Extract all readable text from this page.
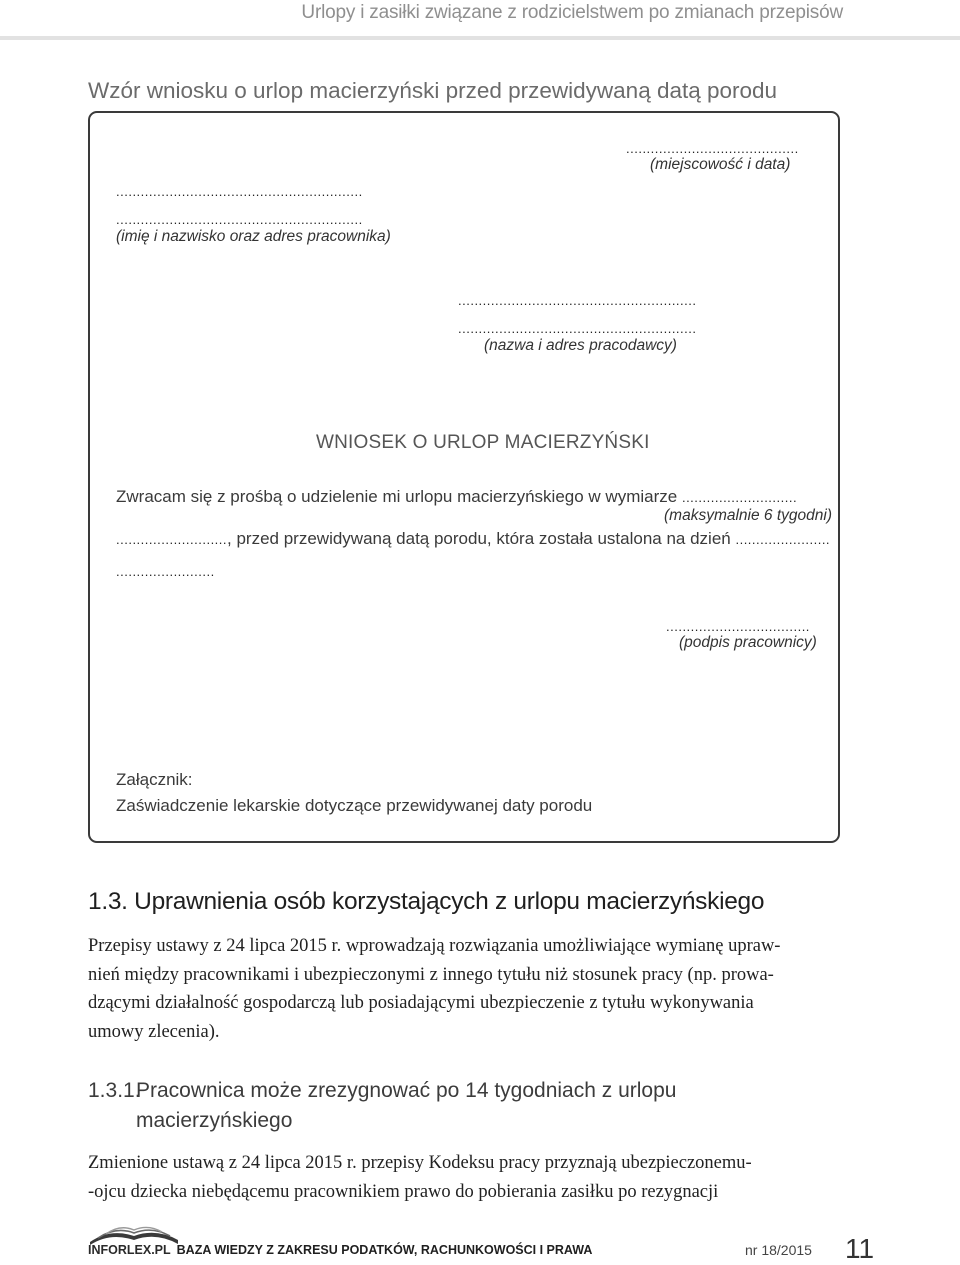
Urlopy i zasiłki związane z rodzicielstwem po zmianach przepisów
Wzór wniosku o urlop macierzyński przed przewidywaną datą porodu
..........................................
(miejscowość i data)
............................................................
............................................................
(imię i nazwisko oraz adres pracownika)
..........................................................
..........................................................
(nazwa i adres pracodawcy)
WNIOSEK O URLOP MACIERZYŃSKI
Zwracam się z prośbą o udzielenie mi urlopu macierzyńskiego w wymiarze ............................
(maksymalnie 6 tygodni)
..........................., przed przewidywaną datą porodu, która została ustalona na dzień .......................
........................
...................................
(podpis pracownicy)
Załącznik:
Zaświadczenie lekarskie dotyczące przewidywanej daty porodu
1.3. Uprawnienia osób korzystających z urlopu macierzyńskiego
Przepisy ustawy z 24 lipca 2015 r. wprowadzają rozwiązania umożliwiające wymianę upraw-
nień między pracownikami i ubezpieczonymi z innego tytułu niż stosunek pracy (np. prowa-
dzącymi działalność gospodarczą lub posiadającymi ubezpieczenie z tytułu wykonywania
umowy zlecenia).
1.3.1.Pracownica może zrezygnować po 14 tygodniach z urlopu
macierzyńskiego
Zmienione ustawą z 24 lipca 2015 r. przepisy Kodeksu pracy przyznają ubezpieczonemu-
-ojcu dziecka niebędącemu pracownikiem prawo do pobierania zasiłku po rezygnacji
INFORLEX.PL BAZA WIEDZY Z ZAKRESU PODATKÓW, RACHUNKOWOŚCI I PRAWA	nr 18/2015 11
